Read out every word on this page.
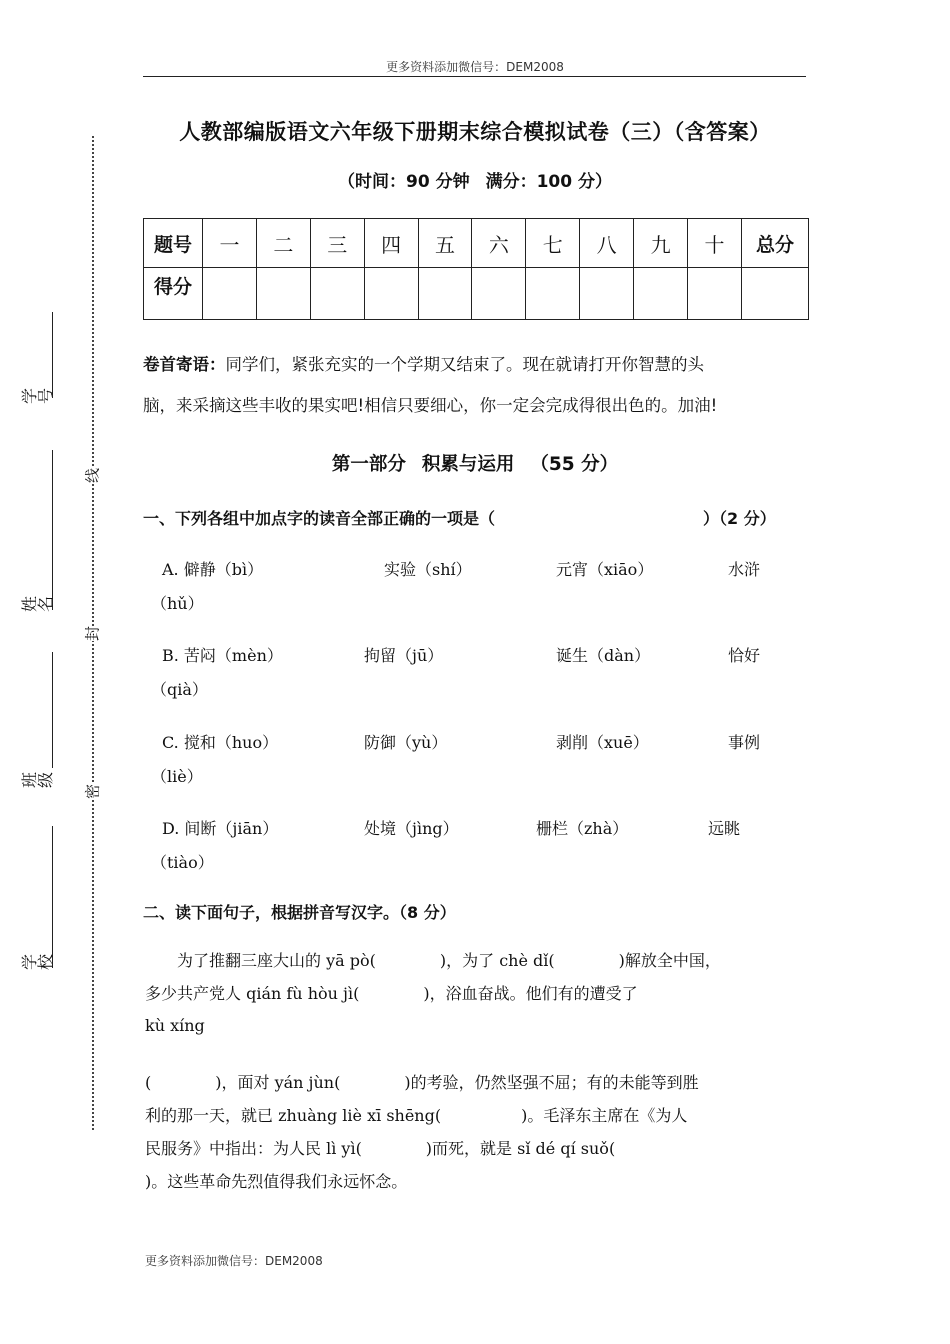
更多资料添加微信号：DEM2008
学号
姓名
班级
学校
线
封
密
人教部编版语文六年级下册期末综合模拟试卷（三）（含答案）
（时间：90 分钟 满分：100 分）
题号	一	二	三	四	五	六	七	八	九	十	总分
得分											
卷首寄语：同学们，紧张充实的一个学期又结束了。现在就请打开你智慧的头
脑，来采摘这些丰收的果实吧!相信只要细心，你一定会完成得很出色的。加油!
第一部分 积累与运用 （55 分）
一、下列各组中加点字的读音全部正确的一项是（	）（2 分）
A. 僻静（bì）	实验（shí）	元宵（xiāo）	水浒
（hǔ）
B. 苦闷（mèn）	拘留（jū）	诞生（dàn）	恰好
（qià）
C. 搅和（huo）	防御（yù）	剥削（xuē）	事例
（liè）
D. 间断（jiān）	处境（jìng）	栅栏（zhà）	远眺
（tiào）
二、读下面句子，根据拼音写汉字。（8 分）
　　为了推翻三座大山的 yā pò(　　　　)，为了 chè dǐ(　　　　)解放全中国，
多少共产党人 qián fù hòu jì(　　　　)，浴血奋战。他们有的遭受了
kù xíng
(　　　　)，面对 yán jùn(　　　　)的考验，仍然坚强不屈；有的未能等到胜
利的那一天，就已 zhuàng liè xī shēng(　　　　　)。毛泽东主席在《为人
民服务》中指出：为人民 lì yì(　　　　)而死，就是 sǐ dé qí suǒ(
)。这些革命先烈值得我们永远怀念。
更多资料添加微信号：DEM2008
